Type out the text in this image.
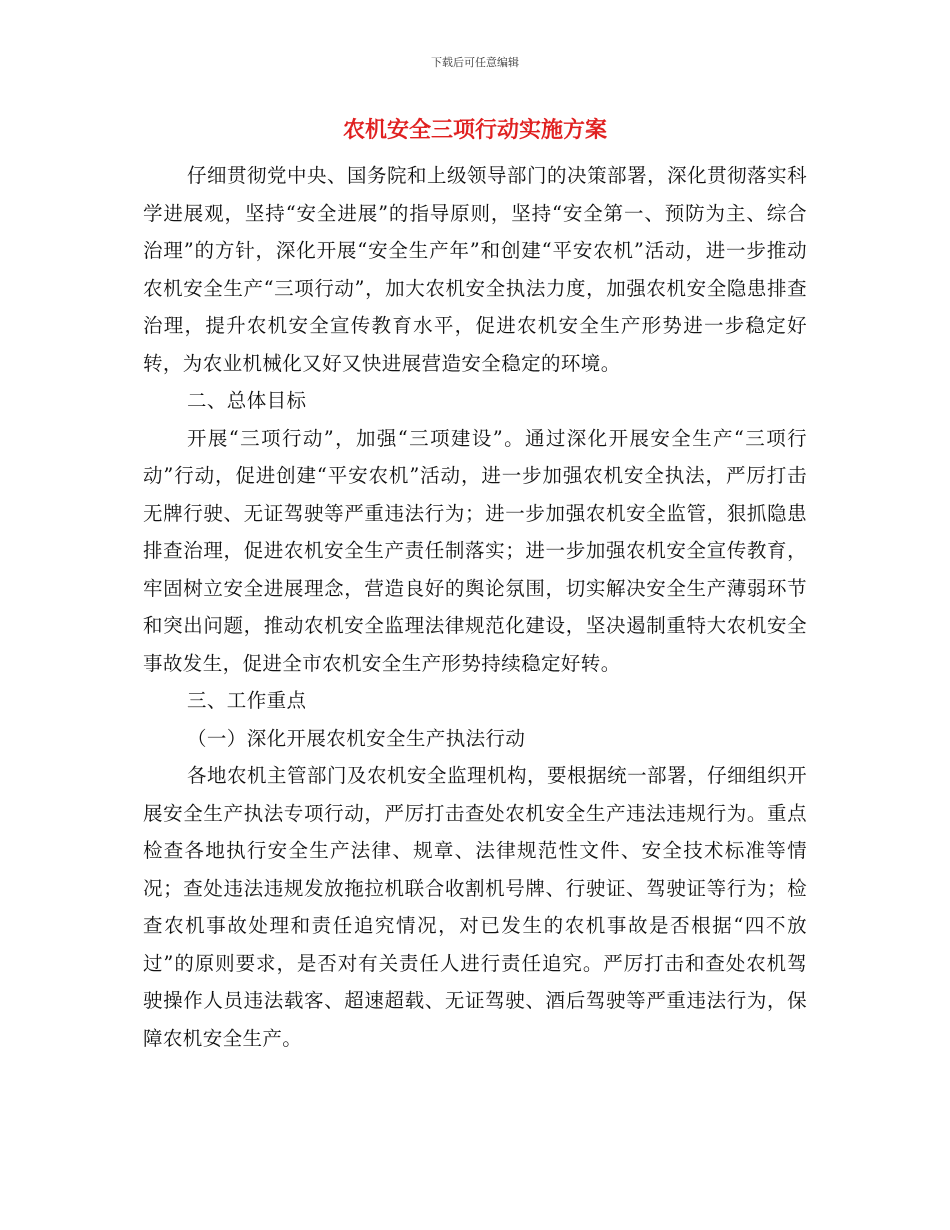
下载后可任意编辑
农机安全三项行动实施方案

仔细贯彻党中央、国务院和上级领导部门的决策部署，深化贯彻落实科学进展观，坚持“安全进展”的指导原则，坚持“安全第一、预防为主、综合治理”的方针，深化开展“安全生产年”和创建“平安农机”活动，进一步推动农机安全生产“三项行动”，加大农机安全执法力度，加强农机安全隐患排查治理，提升农机安全宣传教育水平，促进农机安全生产形势进一步稳定好转，为农业机械化又好又快进展营造安全稳定的环境。

二、总体目标

开展“三项行动”，加强“三项建设”。通过深化开展安全生产“三项行动”行动，促进创建“平安农机”活动，进一步加强农机安全执法，严厉打击无牌行驶、无证驾驶等严重违法行为；进一步加强农机安全监管，狠抓隐患排查治理，促进农机安全生产责任制落实；进一步加强农机安全宣传教育，牢固树立安全进展理念，营造良好的舆论氛围，切实解决安全生产薄弱环节和突出问题，推动农机安全监理法律规范化建设，坚决遏制重特大农机安全事故发生，促进全市农机安全生产形势持续稳定好转。

三、工作重点

（一）深化开展农机安全生产执法行动

各地农机主管部门及农机安全监理机构，要根据统一部署，仔细组织开展安全生产执法专项行动，严厉打击查处农机安全生产违法违规行为。重点检查各地执行安全生产法律、规章、法律规范性文件、安全技术标准等情况；查处违法违规发放拖拉机联合收割机号牌、行驶证、驾驶证等行为；检查农机事故处理和责任追究情况，对已发生的农机事故是否根据“四不放过”的原则要求，是否对有关责任人进行责任追究。严厉打击和查处农机驾驶操作人员违法载客、超速超载、无证驾驶、酒后驾驶等严重违法行为，保障农机安全生产。
